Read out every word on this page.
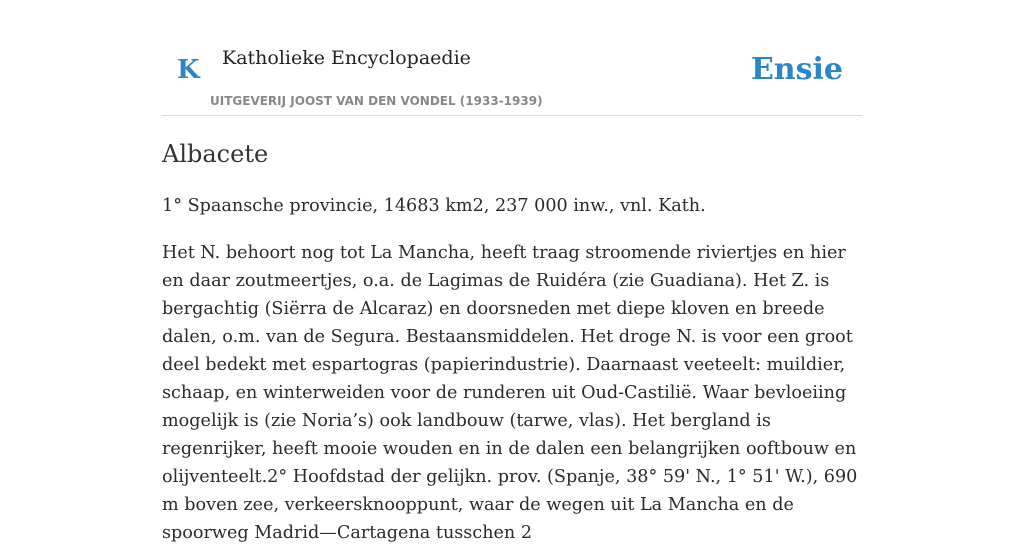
K Katholieke Encyclopaedie
UITGEVERIJ JOOST VAN DEN VONDEL (1933-1939)
Ensie
Albacete

1° Spaansche provincie, 14683 km2, 237 000 inw., vnl. Kath.

Het N. behoort nog tot La Mancha, heeft traag stroomende riviertjes en hier en daar zoutmeertjes, o.a. de Lagimas de Ruidéra (zie Guadiana). Het Z. is bergachtig (Siërra de Alcaraz) en doorsneden met diepe kloven en breede dalen, o.m. van de Segura. Bestaansmiddelen. Het droge N. is voor een groot deel bedekt met espartogras (papierindustrie). Daarnaast veeteelt: muildier, schaap, en winterweiden voor de runderen uit Oud-Castilië. Waar bevloeiing mogelijk is (zie Noria’s) ook landbouw (tarwe, vlas). Het bergland is regenrijker, heeft mooie wouden en in de dalen een belangrijken ooftbouw en olijventeelt.2° Hoofdstad der gelijkn. prov. (Spanje, 38° 59' N., 1° 51' W.), 690 m boven zee, verkeersknooppunt, waar de wegen uit La Mancha en de spoorweg Madrid—Cartagena tusschen 2
